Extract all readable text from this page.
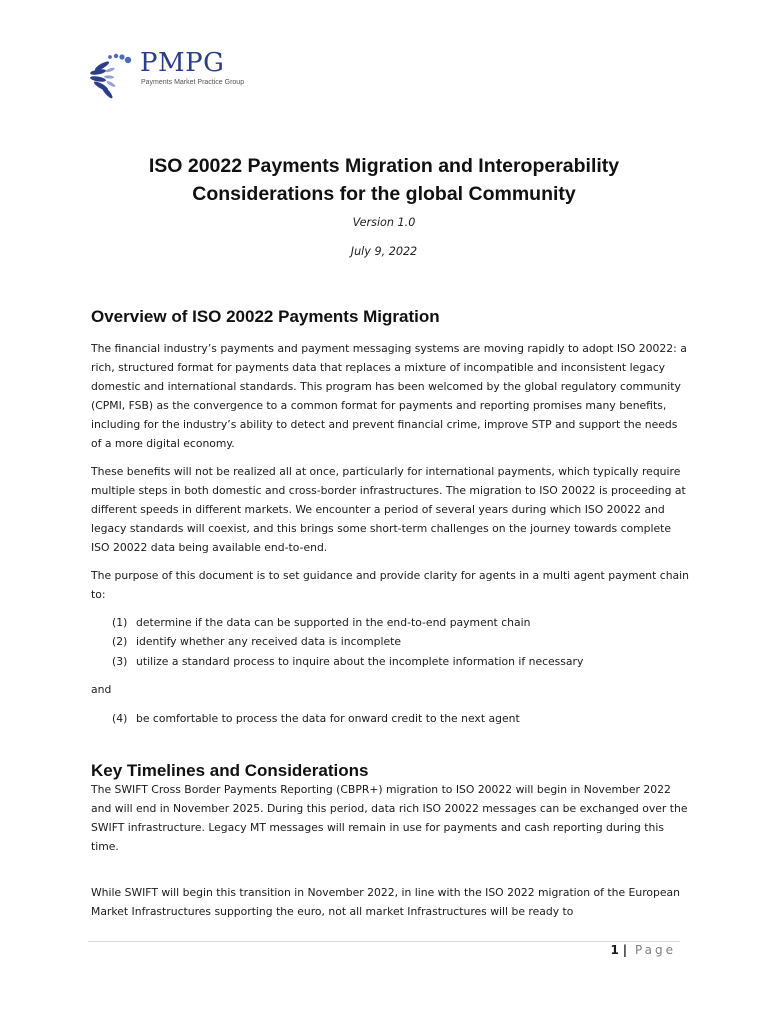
PMPG
Payments Market Practice Group
ISO 20022 Payments Migration and Interoperability
Considerations for the global Community
Version 1.0
July 9, 2022
Overview of ISO 20022 Payments Migration

The financial industry’s payments and payment messaging systems are moving rapidly to adopt ISO 20022: a rich, structured format for payments data that replaces a mixture of incompatible and inconsistent legacy domestic and international standards. This program has been welcomed by the global regulatory community (CPMI, FSB) as the convergence to a common format for payments and reporting promises many benefits, including for the industry’s ability to detect and prevent financial crime, improve STP and support the needs of a more digital economy.

These benefits will not be realized all at once, particularly for international payments, which typically require multiple steps in both domestic and cross-border infrastructures. The migration to ISO 20022 is proceeding at different speeds in different markets. We encounter a period of several years during which ISO 20022 and legacy standards will coexist, and this brings some short-term challenges on the journey towards complete ISO 20022 data being available end-to-end.

The purpose of this document is to set guidance and provide clarity for agents in a multi agent payment chain to:

(1) determine if the data can be supported in the end-to-end payment chain
(2) identify whether any received data is incomplete
(3) utilize a standard process to inquire about the incomplete information if necessary

and

(4) be comfortable to process the data for onward credit to the next agent
Key Timelines and Considerations

The SWIFT Cross Border Payments Reporting (CBPR+) migration to ISO 20022 will begin in November 2022 and will end in November 2025. During this period, data rich ISO 20022 messages can be exchanged over the SWIFT infrastructure. Legacy MT messages will remain in use for payments and cash reporting during this time.

While SWIFT will begin this transition in November 2022, in line with the ISO 2022 migration of the European Market Infrastructures supporting the euro, not all market Infrastructures will be ready to

1 | Page
